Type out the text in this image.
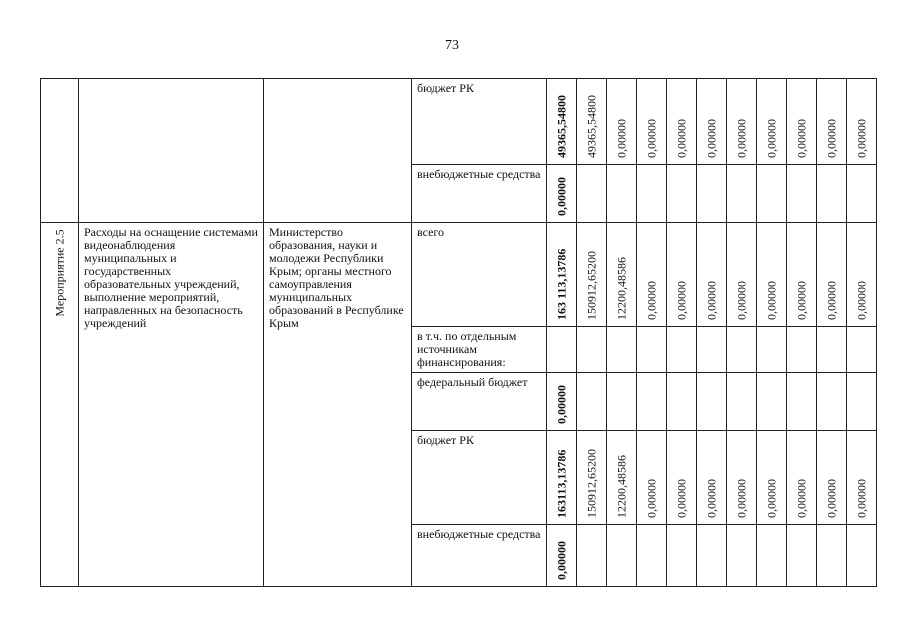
73

			бюджет РК	49365,54800	49365,54800	0,00000	0,00000	0,00000	0,00000	0,00000	0,00000	0,00000	0,00000	0,00000

			внебюджетные средства	0,00000										

Мероприятие 2.5	Расходы на оснащение системами видеонаблюдения муниципальных и государственных образовательных учреждений, выполнение мероприятий, направленных на безопасность учреждений	Министерство образования, науки и молодежи Республики Крым; органы местного самоуправления муниципальных образований в Республике Крым	всего	163 113,13786	150912,65200	12200,48586	0,00000	0,00000	0,00000	0,00000	0,00000	0,00000	0,00000	0,00000

			в т.ч. по отдельным источникам финансирования:											

			федеральный бюджет	0,00000										

			бюджет РК	163113,13786	150912,65200	12200,48586	0,00000	0,00000	0,00000	0,00000	0,00000	0,00000	0,00000	0,00000

			внебюджетные средства	0,00000										
